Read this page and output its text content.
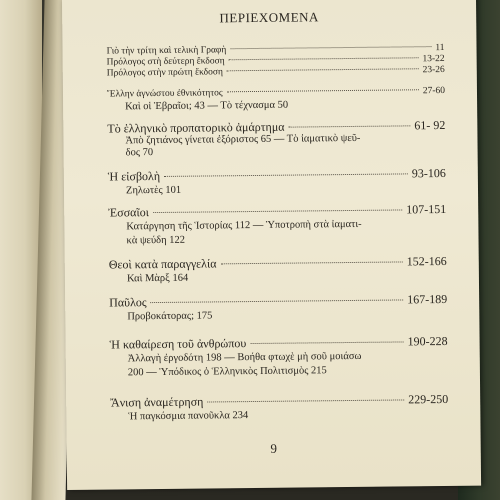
ΠΕΡΙΕΧΟΜΕΝΑ
Γιὸ τὴν τρίτη καὶ τελικὴ Γραφὴ	11
Πρόλογος στὴ δεύτερη ἔκδοση	13-22
Πρόλογος στὴν πρώτη ἔκδοση	23-26
Ἔλλην ἀγνώστου ἐθνικότητος	27-60
Καὶ οἱ Ἑβραῖοι; 43 — Τὸ τέχνασμα 50
Τὸ ἑλληνικὸ προπατορικὸ ἁμάρτημα	61- 92
Ἀπὸ ζητιάνος γίνεται ἐξόριστος 65 — Τὸ ἰαματικὸ ψεῦ-
δος 70
Ἡ εἰσβολὴ	93-106
Ζηλωτὲς 101
Ἐσσαῖοι	107-151
Κατάργηση τῆς Ἱστορίας 112 — Ὑποτροπὴ στὰ ἰαματι-
κὰ ψεύδη 122
Θεοὶ κατὰ παραγγελία	152-166
Καὶ Μὰρξ 164
Παῦλος	167-189
Προβοκάτορας; 175
Ἡ καθαίρεση τοῦ ἀνθρώπου	190-228
Ἀλλαγὴ ἐργοδότη 198 — Βοήθα φτωχὲ μὴ σοῦ μοιάσω
200 — Ὑπόδικος ὁ Ἑλληνικὸς Πολιτισμὸς 215
Ἄνιση ἀναμέτρηση	229-250
Ἡ παγκόσμια πανοῦκλα 234
9
